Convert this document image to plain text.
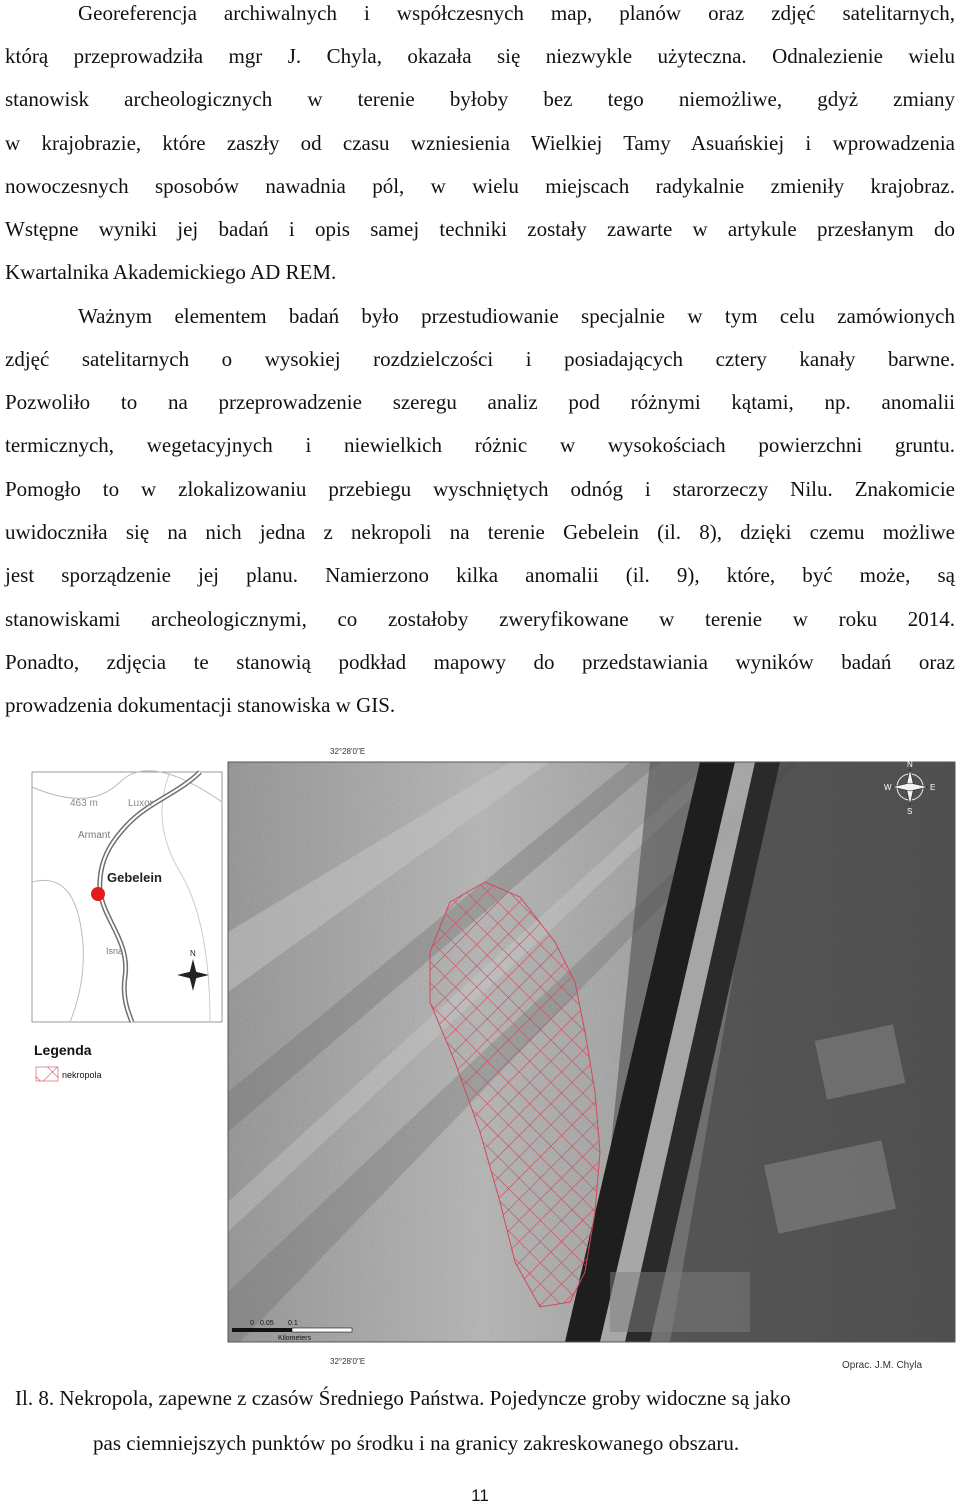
Georeferencja archiwalnych i współczesnych map, planów oraz zdjęć satelitarnych,
którą przeprowadziła mgr J. Chyla, okazała się niezwykle użyteczna. Odnalezienie wielu
stanowisk archeologicznych w terenie byłoby bez tego niemożliwe, gdyż zmiany
w krajobrazie, które zaszły od czasu wzniesienia Wielkiej Tamy Asuańskiej i wprowadzenia
nowoczesnych sposobów nawadnia pól, w wielu miejscach radykalnie zmieniły krajobraz.
Wstępne wyniki jej badań i opis samej techniki zostały zawarte w artykule przesłanym do
Kwartalnika Akademickiego AD REM.
Ważnym elementem badań było przestudiowanie specjalnie w tym celu zamówionych
zdjęć satelitarnych o wysokiej rozdzielczości i posiadających cztery kanały barwne.
Pozwoliło to na przeprowadzenie szeregu analiz pod różnymi kątami, np. anomalii
termicznych, wegetacyjnych i niewielkich różnic w wysokościach powierzchni gruntu.
Pomogło to w zlokalizowaniu przebiegu wyschniętych odnóg i starorzeczy Nilu. Znakomicie
uwidoczniła się na nich jedna z nekropoli na terenie Gebelein (il. 8), dzięki czemu możliwe
jest sporządzenie jej planu. Namierzono kilka anomalii (il. 9), które, być może, są
stanowiskami archeologicznymi, co zostałoby zweryfikowane w terenie w roku 2014.
Ponadto, zdjęcia te stanowią podkład mapowy do przedstawiania wyników badań oraz
prowadzenia dokumentacji stanowiska w GIS.
32°28'0"E
32°28'0"E
N
E
S
W
0 0.05 0.1
Kilometers
Oprac. J.M. Chyla
463 m	Luxor
Armant
Gebelein
Isna	N
Legenda
nekropola
Il. 8. Nekropola, zapewne z czasów Średniego Państwa. Pojedyncze groby widoczne są jako
pas ciemniejszych punktów po środku i na granicy zakreskowanego obszaru.
11
